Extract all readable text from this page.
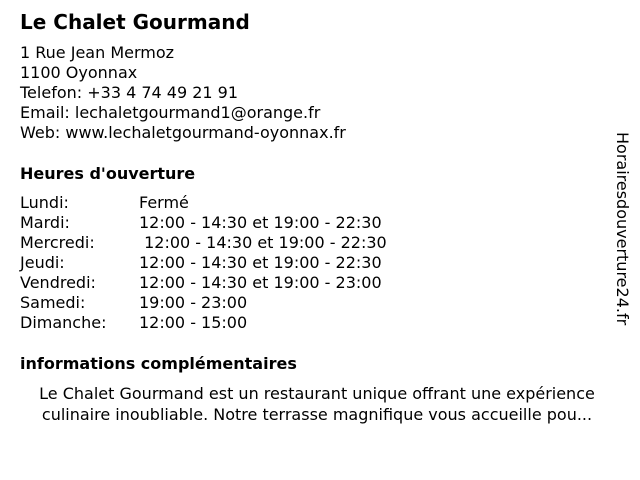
Le Chalet Gourmand
1 Rue Jean Mermoz
1100 Oyonnax
Telefon: +33 4 74 49 21 91
Email: lechaletgourmand1@orange.fr
Web: www.lechaletgourmand-oyonnax.fr
Heures d'ouverture
Lundi:	Fermé
Mardi:	12:00 - 14:30 et 19:00 - 22:30
Mercredi:	12:00 - 14:30 et 19:00 - 22:30
Jeudi:	12:00 - 14:30 et 19:00 - 22:30
Vendredi:	12:00 - 14:30 et 19:00 - 23:00
Samedi:	19:00 - 23:00
Dimanche:	12:00 - 15:00
informations complémentaires
Le Chalet Gourmand est un restaurant unique offrant une expérience
culinaire inoubliable. Notre terrasse magnifique vous accueille pou...
Horairesdouverture24.fr
